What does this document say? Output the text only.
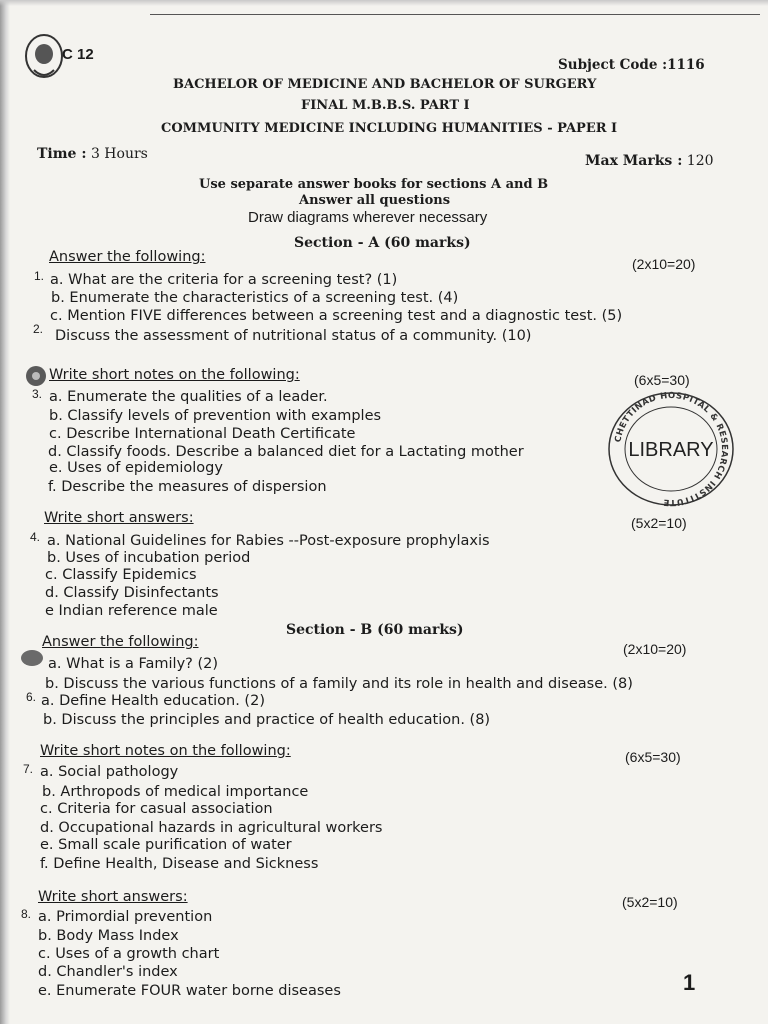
C 12
Subject Code :1116
BACHELOR OF MEDICINE AND BACHELOR OF SURGERY
FINAL M.B.B.S. PART I
COMMUNITY MEDICINE INCLUDING HUMANITIES - PAPER I
Time : 3 Hours	Max Marks : 120
Use separate answer books for sections A and B
Answer all questions
Draw diagrams wherever necessary
Section - A (60 marks)
Answer the following:	(2x10=20)
1. a. What are the criteria for a screening test? (1)
b. Enumerate the characteristics of a screening test. (4)
c. Mention FIVE differences between a screening test and a diagnostic test. (5)
2. Discuss the assessment of nutritional status of a community. (10)
Write short notes on the following:	(6x5=30)
3. a. Enumerate the qualities of a leader.
b. Classify levels of prevention with examples
c. Describe International Death Certificate
d. Classify foods. Describe a balanced diet for a Lactating mother
e. Uses of epidemiology
f. Describe the measures of dispersion
CHETTINAD HOSPITAL & RESEARCH INSTITUTE
LIBRARY
Write short answers:	(5x2=10)
4. a. National Guidelines for Rabies --Post-exposure prophylaxis
b. Uses of incubation period
c. Classify Epidemics
d. Classify Disinfectants
e Indian reference male
Section - B (60 marks)
Answer the following:	(2x10=20)
a. What is a Family? (2)
b. Discuss the various functions of a family and its role in health and disease. (8)
6. a. Define Health education. (2)
b. Discuss the principles and practice of health education. (8)
Write short notes on the following:	(6x5=30)
7. a. Social pathology
b. Arthropods of medical importance
c. Criteria for casual association
d. Occupational hazards in agricultural workers
e. Small scale purification of water
f. Define Health, Disease and Sickness
Write short answers:	(5x2=10)
8. a. Primordial prevention
b. Body Mass Index
c. Uses of a growth chart
d. Chandler's index
e. Enumerate FOUR water borne diseases	1
